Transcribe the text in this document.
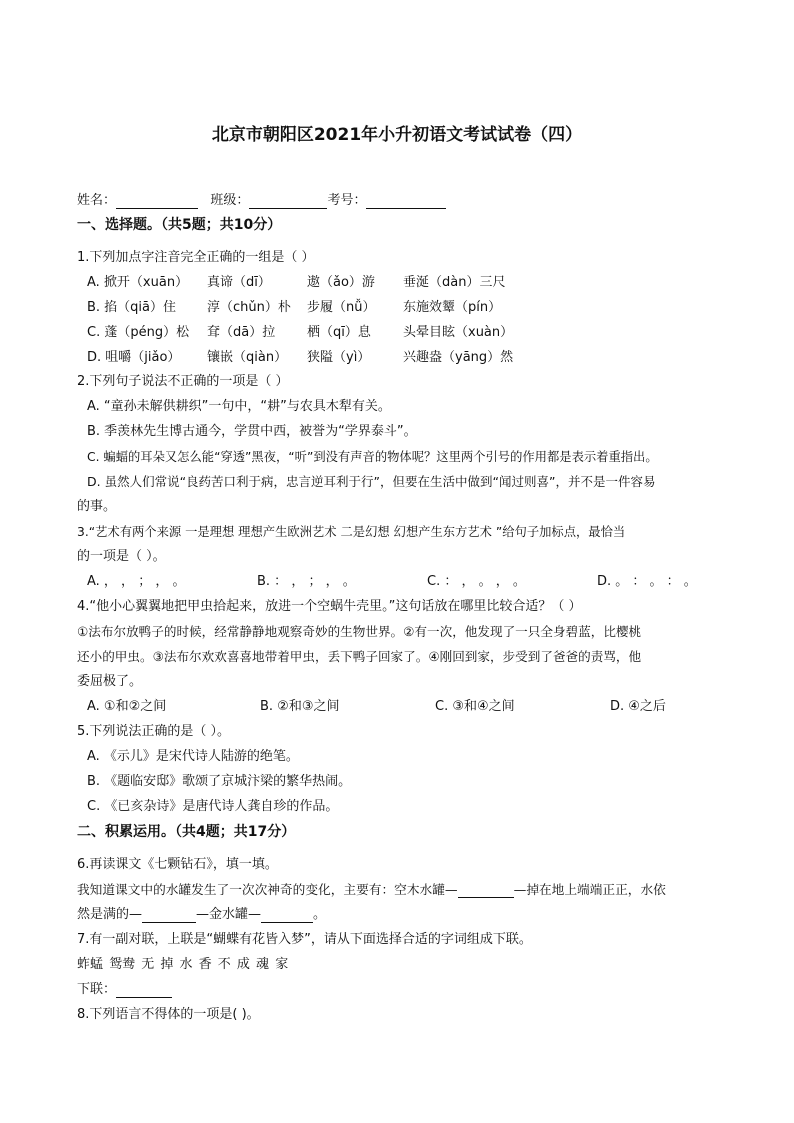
北京市朝阳区2021年小升初语文考试试卷（四）
姓名：	班级：	考号：
一、选择题。（共5题；共10分）
1.下列加点字注音完全正确的一组是（ ）
A. 掀开（xuān） 真谛（dī）	遨（ǎo）游 垂涎（dàn）三尺
B. 掐（qiā）住 淳（chǔn）朴 步履（nǚ） 东施效颦（pín）
C. 蓬（péng）松 耷（dā）拉 栖（qī）息 头晕目眩（xuàn）
D. 咀嚼（jiǎo） 镶嵌（qiàn） 狭隘（yì）	兴趣盎（yāng）然
2.下列句子说法不正确的一项是（ ）
A. “童孙未解供耕织”一句中，“耕”与农具木犁有关。
B. 季羡林先生博古通今，学贯中西，被誉为“学界泰斗”。
C. 蝙蝠的耳朵又怎么能“穿透”黑夜，“听”到没有声音的物体呢？这里两个引号的作用都是表示着重指出。
D. 虽然人们常说“良药苦口利于病，忠言逆耳利于行”，但要在生活中做到“闻过则喜”，并不是一件容易
的事。
3.“艺术有两个来源 一是理想 理想产生欧洲艺术 二是幻想 幻想产生东方艺术 ”给句子加标点，最恰当
的一项是（ ）。
A. ， ， ； ， 。	B. ： ， ； ， 。	C. ： ， 。 ， 。	D. 。 ： 。 ： 。
4.“他小心翼翼地把甲虫拾起来，放进一个空蜗牛壳里。”这句话放在哪里比较合适？（ ）
①法布尔放鸭子的时候，经常静静地观察奇妙的生物世界。②有一次，他发现了一只全身碧蓝，比樱桃
还小的甲虫。③法布尔欢欢喜喜地带着甲虫，丢下鸭子回家了。④刚回到家，步受到了爸爸的责骂，他
委屈极了。
A. ①和②之间	B. ②和③之间	C. ③和④之间	D. ④之后
5.下列说法正确的是（ ）。
A. 《示儿》是宋代诗人陆游的绝笔。
B. 《题临安邸》歌颂了京城汴梁的繁华热闹。
C. 《已亥杂诗》是唐代诗人龚自珍的作品。
二、积累运用。（共4题；共17分）
6.再读课文《七颗钻石》，填一填。
我知道课文中的水罐发生了一次次神奇的变化，主要有：空木水罐—	—掉在地上端端正正，水依
然是满的—	—金水罐—	。
7.有一副对联，上联是“蝴蝶有花皆入梦”，请从下面选择合适的字词组成下联。
蚱蜢 鸳鸯 无 掉 水 香 不 成 魂 家
下联：
8.下列语言不得体的一项是( )。
